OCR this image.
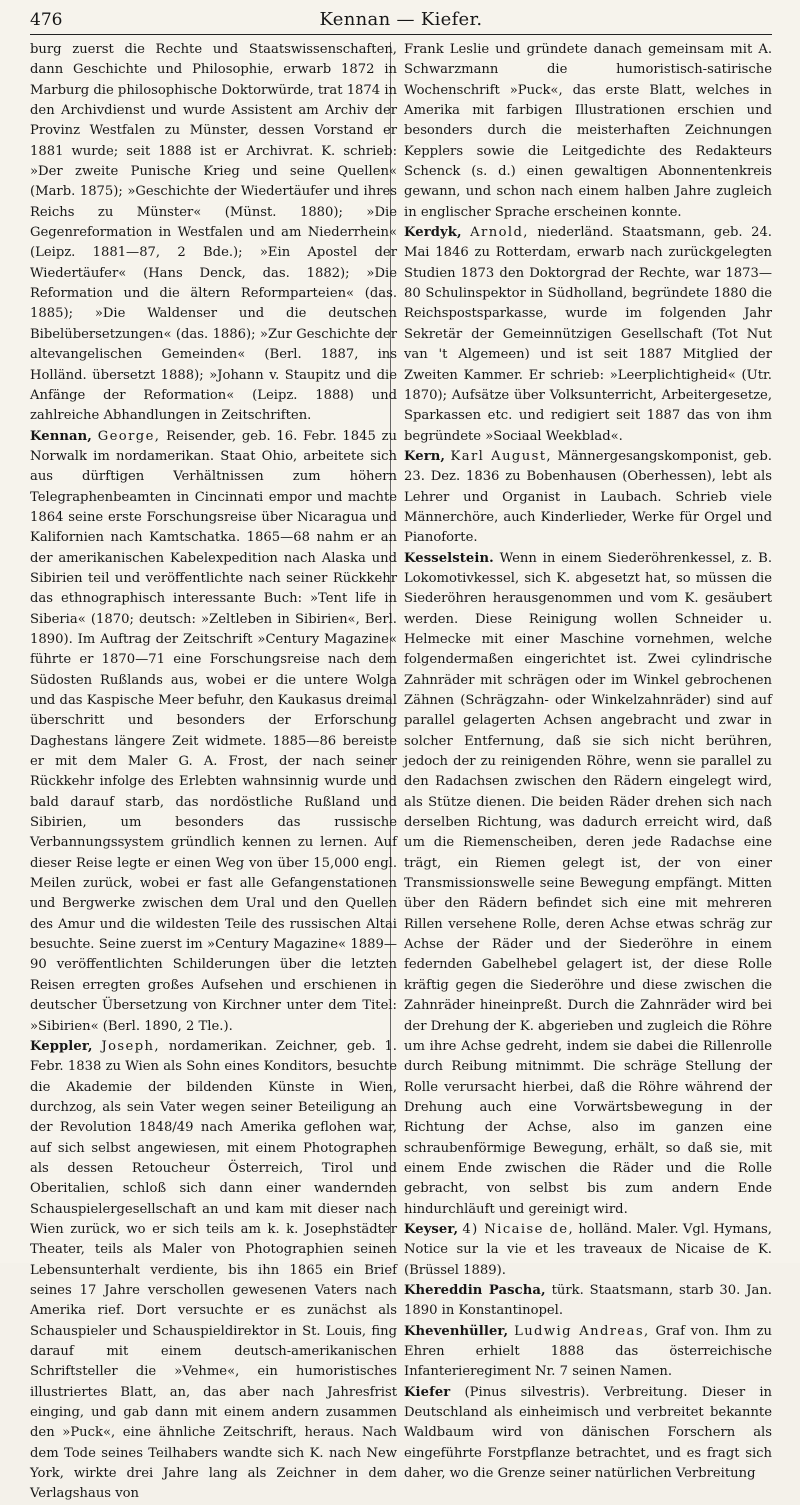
476	Kennan — Kiefer.

burg zuerst die Rechte und Staatswissenschaften, dann Geschichte und Philosophie, erwarb 1872 in Marburg die philosophische Doktorwürde, trat 1874 in den Archivdienst und wurde Assistent am Archiv der Provinz Westfalen zu Münster, dessen Vorstand er 1881 wurde; seit 1888 ist er Archivrat. K. schrieb: »Der zweite Punische Krieg und seine Quellen« (Marb. 1875); »Geschichte der Wiedertäufer und ihres Reichs zu Münster« (Münst. 1880); »Die Gegenreformation in Westfalen und am Niederrhein« (Leipz. 1881—87, 2 Bde.); »Ein Apostel der Wiedertäufer« (Hans Denck, das. 1882); »Die Reformation und die ältern Reformparteien« (das. 1885); »Die Waldenser und die deutschen Bibelübersetzungen« (das. 1886); »Zur Geschichte der altevangelischen Gemeinden« (Berl. 1887, ins Holländ. übersetzt 1888); »Johann v. Staupitz und die Anfänge der Reformation« (Leipz. 1888) und zahlreiche Abhandlungen in Zeitschriften.

Kennan, George, Reisender, geb. 16. Febr. 1845 zu Norwalk im nordamerikan. Staat Ohio, arbeitete sich aus dürftigen Verhältnissen zum höhern Telegraphenbeamten in Cincinnati empor und machte 1864 seine erste Forschungsreise über Nicaragua und Kalifornien nach Kamtschatka. 1865—68 nahm er an der amerikanischen Kabelexpedition nach Alaska und Sibirien teil und veröffentlichte nach seiner Rückkehr das ethnographisch interessante Buch: »Tent life in Siberia« (1870; deutsch: »Zeltleben in Sibirien«, Berl. 1890). Im Auftrag der Zeitschrift »Century Magazine« führte er 1870—71 eine Forschungsreise nach dem Südosten Rußlands aus, wobei er die untere Wolga und das Kaspische Meer befuhr, den Kaukasus dreimal überschritt und besonders der Erforschung Daghestans längere Zeit widmete. 1885—86 bereiste er mit dem Maler G. A. Frost, der nach seiner Rückkehr infolge des Erlebten wahnsinnig wurde und bald darauf starb, das nordöstliche Rußland und Sibirien, um besonders das russische Verbannungssystem gründlich kennen zu lernen. Auf dieser Reise legte er einen Weg von über 15,000 engl. Meilen zurück, wobei er fast alle Gefangenstationen und Bergwerke zwischen dem Ural und den Quellen des Amur und die wildesten Teile des russischen Altai besuchte. Seine zuerst im »Century Magazine« 1889—90 veröffentlichten Schilderungen über die letzten Reisen erregten großes Aufsehen und erschienen in deutscher Übersetzung von Kirchner unter dem Titel: »Sibirien« (Berl. 1890, 2 Tle.).

Keppler, Joseph, nordamerikan. Zeichner, geb. 1. Febr. 1838 zu Wien als Sohn eines Konditors, besuchte die Akademie der bildenden Künste in Wien, durchzog, als sein Vater wegen seiner Beteiligung an der Revolution 1848/49 nach Amerika geflohen war, auf sich selbst angewiesen, mit einem Photographen als dessen Retoucheur Österreich, Tirol und Oberitalien, schloß sich dann einer wandernden Schauspielergesellschaft an und kam mit dieser nach Wien zurück, wo er sich teils am k. k. Josephstädter Theater, teils als Maler von Photographien seinen Lebensunterhalt verdiente, bis ihn 1865 ein Brief seines 17 Jahre verschollen gewesenen Vaters nach Amerika rief. Dort versuchte er es zunächst als Schauspieler und Schauspieldirektor in St. Louis, fing darauf mit einem deutsch-amerikanischen Schriftsteller die »Vehme«, ein humoristisches illustriertes Blatt, an, das aber nach Jahresfrist einging, und gab dann mit einem andern zusammen den »Puck«, eine ähnliche Zeitschrift, heraus. Nach dem Tode seines Teilhabers wandte sich K. nach New York, wirkte drei Jahre lang als Zeichner in dem Verlagshaus von

Frank Leslie und gründete danach gemeinsam mit A. Schwarzmann die humoristisch-satirische Wochenschrift »Puck«, das erste Blatt, welches in Amerika mit farbigen Illustrationen erschien und besonders durch die meisterhaften Zeichnungen Kepplers sowie die Leitgedichte des Redakteurs Schenck (s. d.) einen gewaltigen Abonnentenkreis gewann, und schon nach einem halben Jahre zugleich in englischer Sprache erscheinen konnte.

Kerdyk, Arnold, niederländ. Staatsmann, geb. 24. Mai 1846 zu Rotterdam, erwarb nach zurückgelegten Studien 1873 den Doktorgrad der Rechte, war 1873—80 Schulinspektor in Südholland, begründete 1880 die Reichspostsparkasse, wurde im folgenden Jahr Sekretär der Gemeinnützigen Gesellschaft (Tot Nut van 't Algemeen) und ist seit 1887 Mitglied der Zweiten Kammer. Er schrieb: »Leerplichtigheid« (Utr. 1870); Aufsätze über Volksunterricht, Arbeitergesetze, Sparkassen etc. und redigiert seit 1887 das von ihm begründete »Sociaal Weekblad«.

Kern, Karl August, Männergesangskomponist, geb. 23. Dez. 1836 zu Bobenhausen (Oberhessen), lebt als Lehrer und Organist in Laubach. Schrieb viele Männerchöre, auch Kinderlieder, Werke für Orgel und Pianoforte.

Kesselstein. Wenn in einem Siederöhrenkessel, z. B. Lokomotivkessel, sich K. abgesetzt hat, so müssen die Siederöhren herausgenommen und vom K. gesäubert werden. Diese Reinigung wollen Schneider u. Helmecke mit einer Maschine vornehmen, welche folgendermaßen eingerichtet ist. Zwei cylindrische Zahnräder mit schrägen oder im Winkel gebrochenen Zähnen (Schrägzahn- oder Winkelzahnräder) sind auf parallel gelagerten Achsen angebracht und zwar in solcher Entfernung, daß sie sich nicht berühren, jedoch der zu reinigenden Röhre, wenn sie parallel zu den Radachsen zwischen den Rädern eingelegt wird, als Stütze dienen. Die beiden Räder drehen sich nach derselben Richtung, was dadurch erreicht wird, daß um die Riemenscheiben, deren jede Radachse eine trägt, ein Riemen gelegt ist, der von einer Transmissionswelle seine Bewegung empfängt. Mitten über den Rädern befindet sich eine mit mehreren Rillen versehene Rolle, deren Achse etwas schräg zur Achse der Räder und der Siederöhre in einem federnden Gabelhebel gelagert ist, der diese Rolle kräftig gegen die Siederöhre und diese zwischen die Zahnräder hineinpreßt. Durch die Zahnräder wird bei der Drehung der K. abgerieben und zugleich die Röhre um ihre Achse gedreht, indem sie dabei die Rillenrolle durch Reibung mitnimmt. Die schräge Stellung der Rolle verursacht hierbei, daß die Röhre während der Drehung auch eine Vorwärtsbewegung in der Richtung der Achse, also im ganzen eine schraubenförmige Bewegung, erhält, so daß sie, mit einem Ende zwischen die Räder und die Rolle gebracht, von selbst bis zum andern Ende hindurchläuft und gereinigt wird.

Keyser, 4) Nicaise de, holländ. Maler. Vgl. Hymans, Notice sur la vie et les traveaux de Nicaise de K. (Brüssel 1889).

Khereddin Pascha, türk. Staatsmann, starb 30. Jan. 1890 in Konstantinopel.

Khevenhüller, Ludwig Andreas, Graf von. Ihm zu Ehren erhielt 1888 das österreichische Infanterieregiment Nr. 7 seinen Namen.

Kiefer (Pinus silvestris). Verbreitung. Dieser in Deutschland als einheimisch und verbreitet bekannte Waldbaum wird von dänischen Forschern als eingeführte Forstpflanze betrachtet, und es fragt sich daher, wo die Grenze seiner natürlichen Verbreitung
